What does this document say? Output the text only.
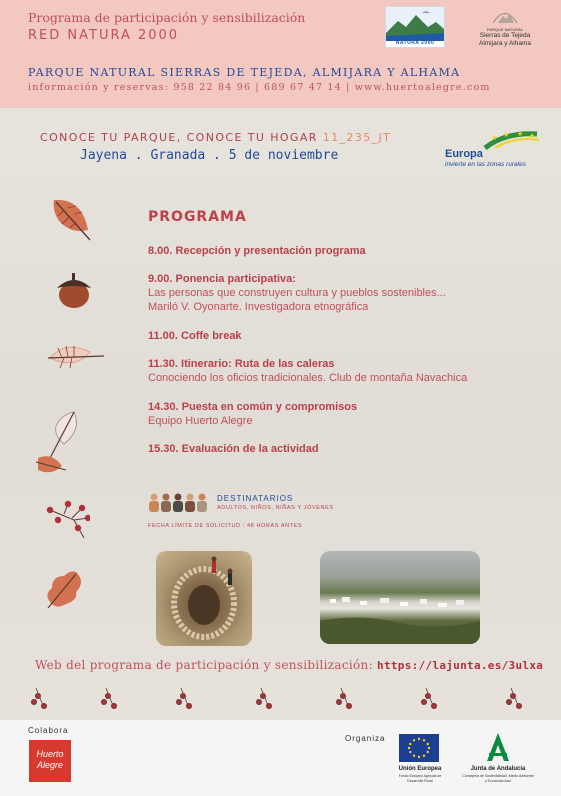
Programa de participación y sensibilización
RED NATURA 2000
PARQUE NATURAL SIERRAS DE TEJEDA, ALMIJARA Y ALHAMA
información y reservas: 958 22 84 96 | 689 67 47 14 | www.huertoalegre.com
NATURA 2000
PARQUE NATURAL
Sierras de Tejeda
Almijara y Alhama
CONOCE TU PARQUE, CONOCE TU HOGAR 11_235_JT
Jayena . Granada . 5 de noviembre
★ ★ ★ ★
Europa
invierte en las zonas rurales
PROGRAMA
8.00. Recepción y presentación programa
9.00. Ponencia participativa:
Las personas que construyen cultura y pueblos sostenibles...
Mariló V. Oyonarte. Investigadora etnográfica
11.00. Coffe break
11.30. Itinerario: Ruta de las caleras
Conociendo los oficios tradicionales. Club de montaña Navachica
14.30. Puesta en común y compromisos
Equipo Huerto Alegre
15.30. Evaluación de la actividad
DESTINATARIOS
ADULTOS, NIÑOS, NIÑAS Y JÓVENES
FECHA LÍMITE DE SOLICITUD : 48 HORAS ANTES
Web del programa de participación y sensibilización: https://lajunta.es/3ulxa
Colabora
Huerto Alegre
Organiza
Unión Europea
Fondo Europeo Agrícola de Desarrollo Rural
Junta de Andalucía
Consejería de Sostenibilidad, Medio Ambiente y Economía Azul
